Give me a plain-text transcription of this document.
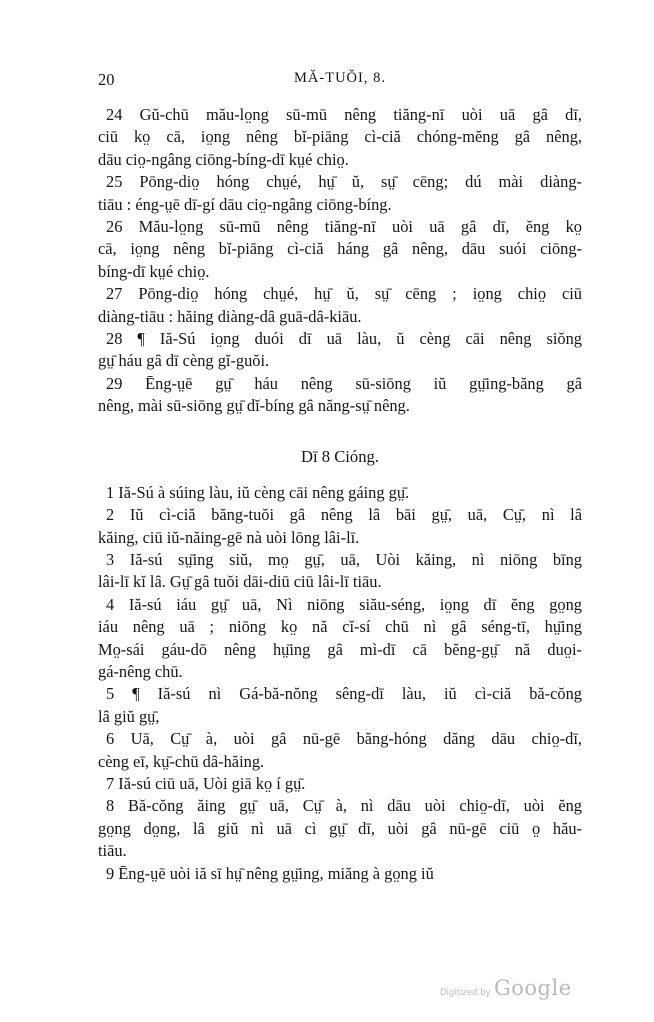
20	MĂ-TUŎI, 8.
24 Gŭ-chū mău-lo̤ng sū-mū nêng tiăng-nī uòi uā gȃ dī,
ciū ko̤ cā, io̤ng nêng bĭ-piāng cì-ciă chóng-mĕng gȃ nêng,
dāu cio̤-ngâng ciōng-bíng-dī kṳé chio̤.
25 Pōng-dio̤ hóng chṳé, hṳ̄ ŭ, sṳ̄ cēng; dú mài diàng-
tiāu : éng-ṳē dī-gí dāu cio̤-ngâng ciōng-bíng.
26 Mău-lo̤ng sū-mū nêng tiăng-nī uòi uā gȃ dī, ĕng ko̤
cā, io̤ng nêng bĭ-piāng cì-ciă háng gȃ nêng, dāu suói ciōng-
bíng-dī kṳé chio̤.
27 Pōng-dio̤ hóng chṳé, hṳ̄ ŭ, sṳ̄ cēng ; io̤ng chio̤ ciū
diàng-tiāu : hăing diàng-dȃ guā-dȃ-kiāu.
28 ¶ Iă-Sú io̤ng duói dī uā làu, ŭ cèng cāi nêng siŏng
gṳ̄ háu gȃ dī cèng gĭ-guŏi.
29 Ēng-ṳē gṳ̄ háu nêng sū-siōng iŭ gṳ̄ing-băng gȃ
nêng, mài sū-siōng gṳ̄ dĭ-bíng gȃ năng-sṳ̄ nêng.
Dī 8 Cióng.
1 Iă-Sú à súing làu, iŭ cèng cāi nêng gáing gṳ̄.
2 Iŭ cì-ciă băng-tuŏi gȃ nêng lȃ bāi gṳ̄, uā, Cṳ̄, nì lȃ
kăing, ciū iŭ-năing-gē nà uòi lōng lâi-lī.
3 Iă-sú sṳ̄ing siŭ, mo̤ gṳ̄, uā, Uòi kăing, nì niōng bīng
lâi-lī kĭ lȃ. Gṳ̄ gȃ tuŏi dāi-diū ciū lâi-lī tiāu.
4 Iă-sú iáu gṳ̄ uā, Nì niōng siău-séng, io̤ng dī ĕng go̤ng
iáu nêng uā ; niōng ko̤ nă cĭ-sí chū nì gȃ séng-tī, hṳ̄ing
Mo̤-sái gáu-dō nêng hṳ̄ing gȃ mì-dī cā bĕng-gṳ̄ nă duo̤i-
gá-nêng chū.
5 ¶ Iă-sú nì Gá-bă-nŏng sêng-dī làu, iŭ cì-ciă bă-cŏng
lȃ giŭ gṳ̄,
6 Uā, Cṳ̄ à, uòi gȃ nū-gē băng-hóng dăng dāu chio̤-dī,
cèng eī, kṳ̄-chū dȃ-hăing.
7 Iă-sú ciū uā, Uòi giā ko̤ í gṳ̄.
8 Bă-cŏng ăing gṳ̄ uā, Cṳ̄ à, nì dāu uòi chio̤-dī, uòi ĕng
go̤ng do̤ng, lȃ giŭ nì uā cì gṳ̄ dī, uòi gȃ nū-gē ciū o̤ hău-
tiāu.
9 Ēng-ṳē uòi iă sī hṳ̄ nêng gṳ̄ing, miăng à go̤ng iŭ
Digitized by Google
